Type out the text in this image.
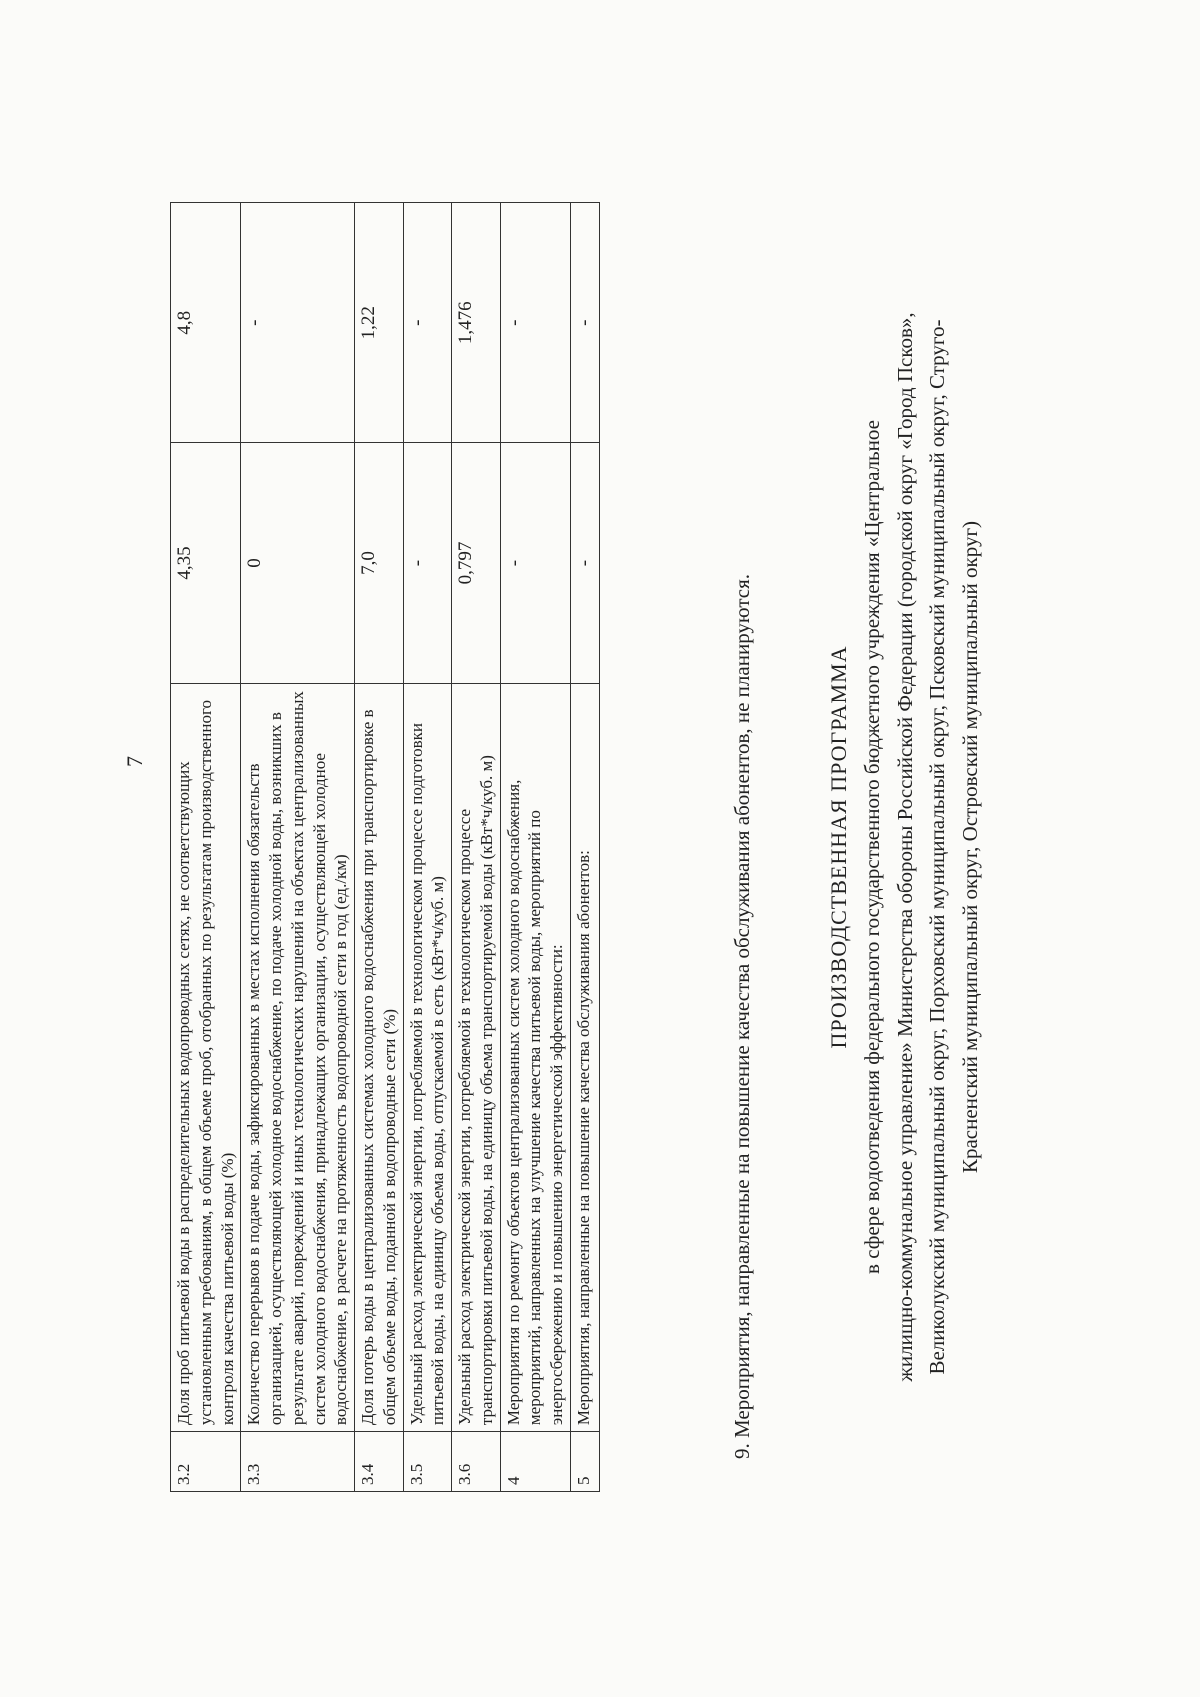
7
3.2	Доля проб питьевой воды в распределительных водопроводных сетях, не соответствующих установленным требованиям, в общем объеме проб, отобранных по результатам производственного контроля качества питьевой воды (%)	4,35	4,8
3.3	Количество перерывов в подаче воды, зафиксированных в местах исполнения обязательств организацией, осуществляющей холодное водоснабжение, по подаче холодной воды, возникших в результате аварий, повреждений и иных технологических нарушений на объектах централизованных систем холодного водоснабжения, принадлежащих организации, осуществляющей холодное водоснабжение, в расчете на протяженность водопроводной сети в год (ед./км)	0	-
3.4	Доля потерь воды в централизованных системах холодного водоснабжения при транспортировке в общем объеме воды, поданной в водопроводные сети (%)	7,0	1,22
3.5	Удельный расход электрической энергии, потребляемой в технологическом процессе подготовки питьевой воды, на единицу объема воды, отпускаемой в сеть (кВт*ч/куб. м)	-	-
3.6	Удельный расход электрической энергии, потребляемой в технологическом процессе транспортировки питьевой воды, на единицу объема транспортируемой воды (кВт*ч/куб. м)	0,797	1,476
4	Мероприятия по ремонту объектов централизованных систем холодного водоснабжения, мероприятий, направленных на улучшение качества питьевой воды, мероприятий по энергосбережению и повышению энергетической эффективности:	-	-
5	Мероприятия, направленные на повышение качества обслуживания абонентов:	-	-
9. Мероприятия, направленные на повышение качества обслуживания абонентов, не планируются.	ПРОИЗВОДСТВЕННАЯ ПРОГРАММА в сфере водоотведения федерального государственного бюджетного учреждения «Центральное жилищно-коммунальное управление» Министерства обороны Российской Федерации (городской округ «Город Псков», Великолукский муниципальный округ, Порховский муниципальный округ, Псковский муниципальный округ, Струго- Красненский муниципальный округ, Островский муниципальный округ)
